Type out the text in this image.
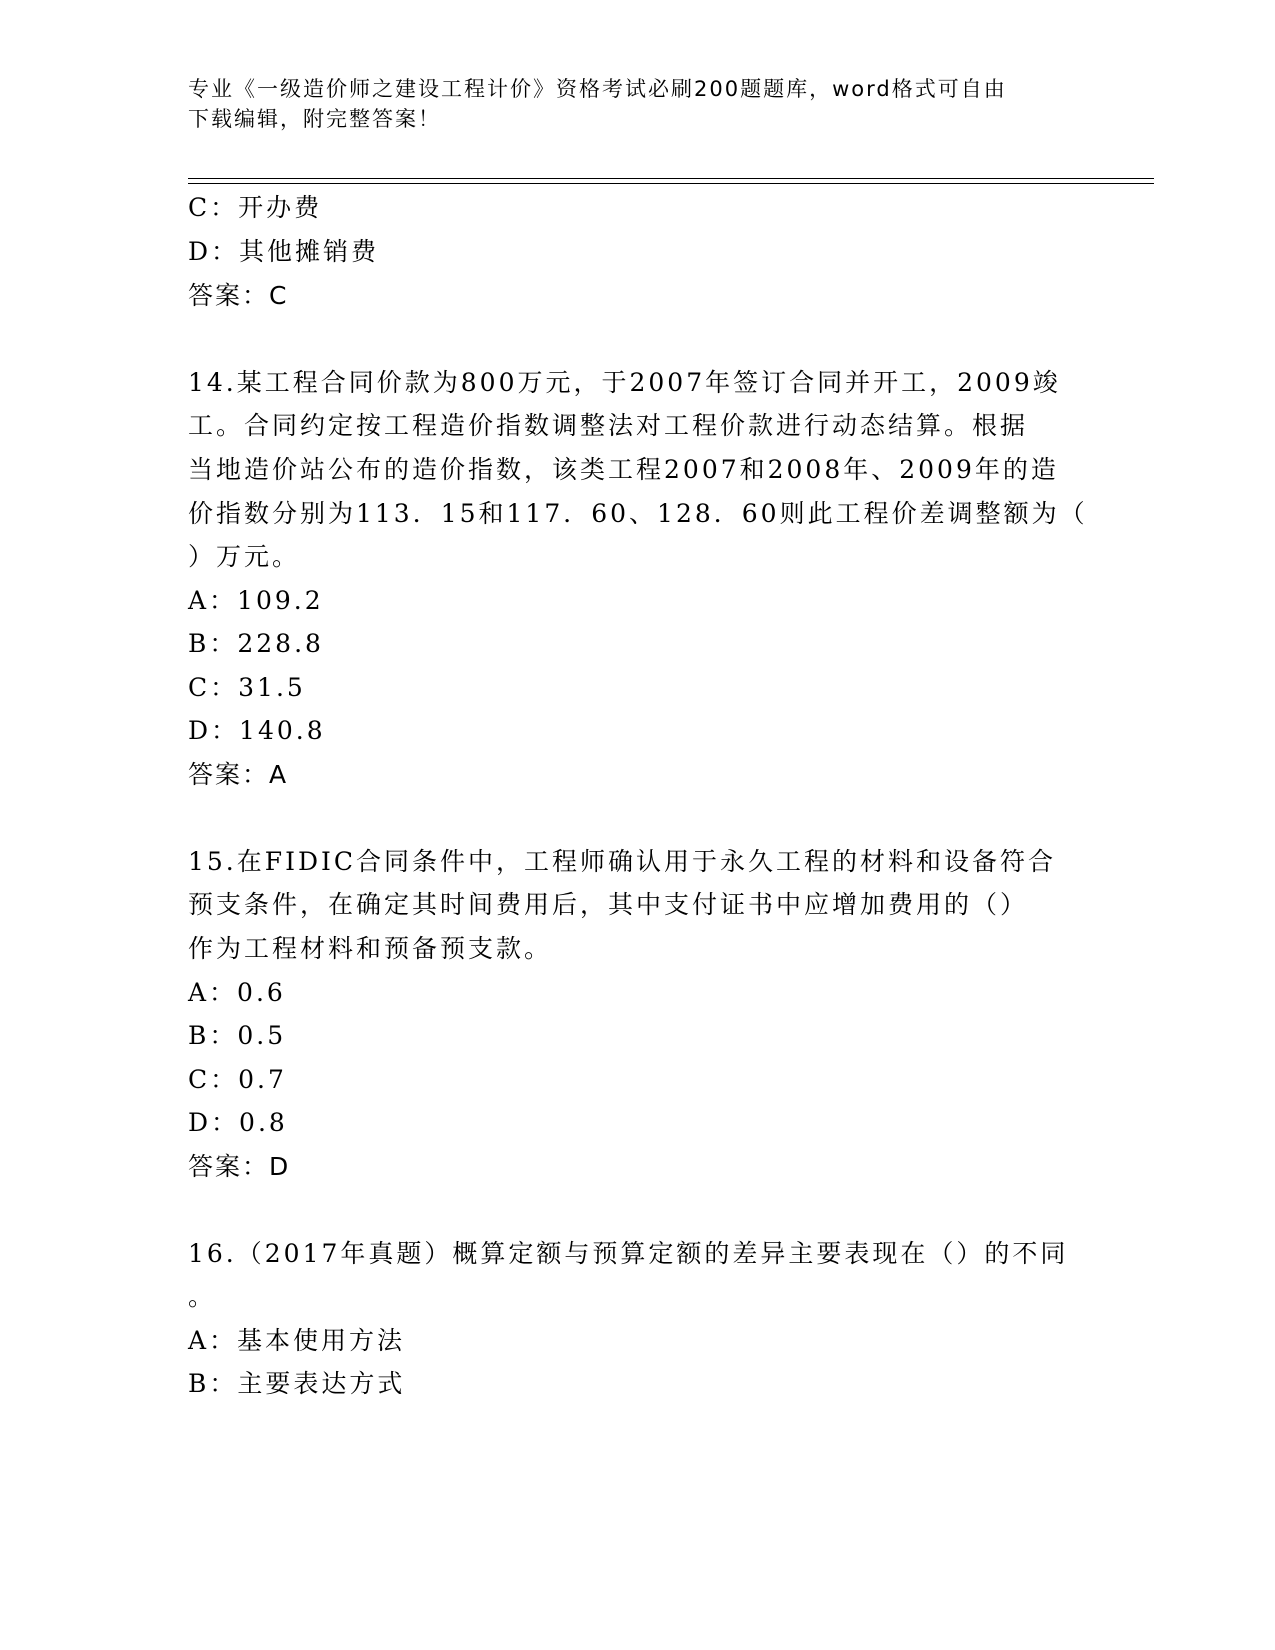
专业《一级造价师之建设工程计价》资格考试必刷200题题库，word格式可自由
下载编辑，附完整答案！
C：开办费
D：其他摊销费
答案：C
14.某工程合同价款为800万元，于2007年签订合同并开工，2009竣
工。合同约定按工程造价指数调整法对工程价款进行动态结算。根据
当地造价站公布的造价指数，该类工程2007和2008年、2009年的造
价指数分别为113．15和117．60、128．60则此工程价差调整额为（
）万元。
A：109.2
B：228.8
C：31.5
D：140.8
答案：A
15.在FIDIC合同条件中，工程师确认用于永久工程的材料和设备符合
预支条件，在确定其时间费用后，其中支付证书中应增加费用的（）
作为工程材料和预备预支款。
A：0.6
B：0.5
C：0.7
D：0.8
答案：D
16.（2017年真题）概算定额与预算定额的差异主要表现在（）的不同
。
A：基本使用方法
B：主要表达方式
